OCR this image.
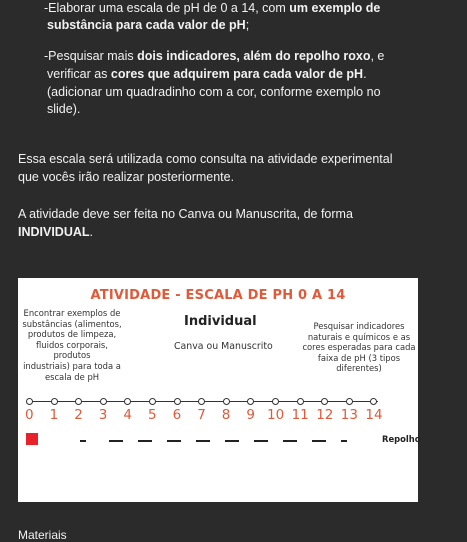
-Elaborar uma escala de pH de 0 a 14, com um exemplo de
substância para cada valor de pH;
-Pesquisar mais dois indicadores, além do repolho roxo, e
verificar as cores que adquirem para cada valor de pH.
(adicionar um quadradinho com a cor, conforme exemplo no
slide).
Essa escala será utilizada como consulta na atividade experimental
que vocês irão realizar posteriormente.
A atividade deve ser feita no Canva ou Manuscrita, de forma
INDIVIDUAL.
ATIVIDADE - ESCALA DE PH 0 A 14
Encontrar exemplos de
substâncias (alimentos,
produtos de limpeza,
fluidos corporais, produtos
industriais) para toda a
escala de pH
Individual
Canva ou Manuscrito
Pesquisar indicadores
naturais e químicos e as
cores esperadas para cada
faixa de pH (3 tipos
diferentes)
0 1 2 3 4 5 6 7 8 9 10 11 12 13 14
Repolho
Materiais
